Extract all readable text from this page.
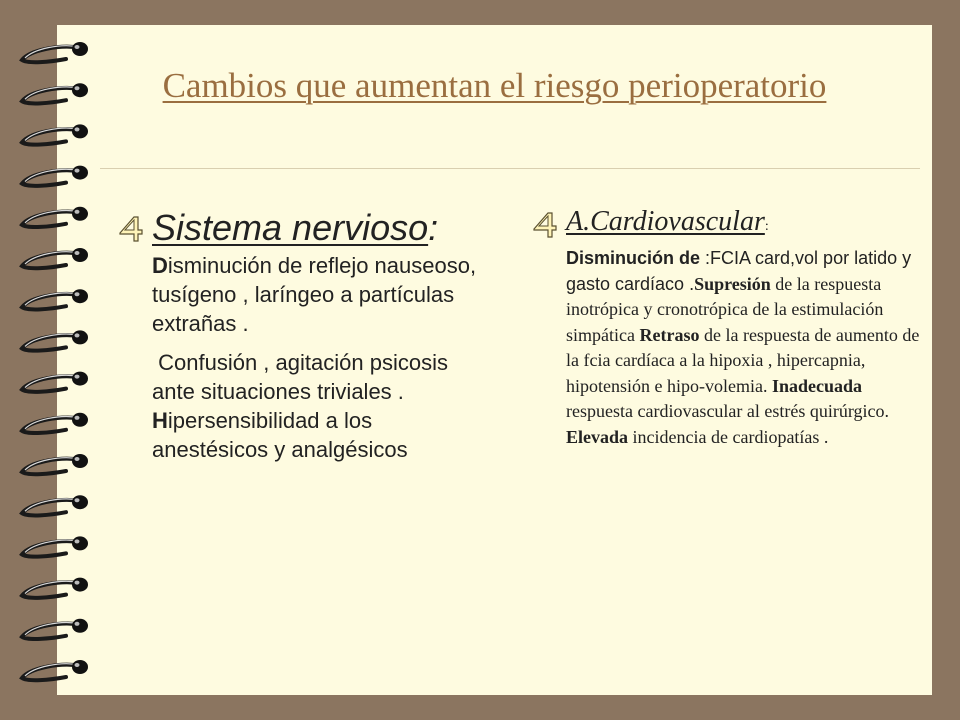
Cambios que aumentan el riesgo perioperatorio
Sistema nervioso:

Disminución de reflejo nauseoso, tusígeno , laríngeo a partículas extrañas .

Confusión , agitación psicosis ante situaciones triviales . Hipersensibilidad a los anestésicos y analgésicos

A.Cardiovascular:
Disminución de :FCIA card,vol por latido y gasto cardíaco .Supresión de la respuesta inotrópica y cronotrópica de la estimulación simpática Retraso de la respuesta de aumento de la fcia cardíaca a la hipoxia , hipercapnia, hipotensión e hipo-volemia. Inadecuada respuesta cardiovascular al estrés quirúrgico. Elevada incidencia de cardiopatías .
